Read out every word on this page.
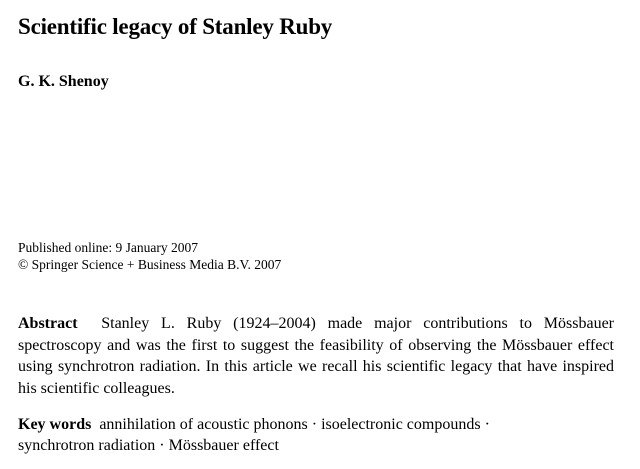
Scientific legacy of Stanley Ruby
G. K. Shenoy
Published online: 9 January 2007
© Springer Science + Business Media B.V. 2007
Abstract Stanley L. Ruby (1924–2004) made major contributions to Mössbauer spectroscopy and was the first to suggest the feasibility of observing the Mössbauer effect using synchrotron radiation. In this article we recall his scientific legacy that have inspired his scientific colleagues.
Key words annihilation of acoustic phonons · isoelectronic compounds ·
synchrotron radiation · Mössbauer effect
